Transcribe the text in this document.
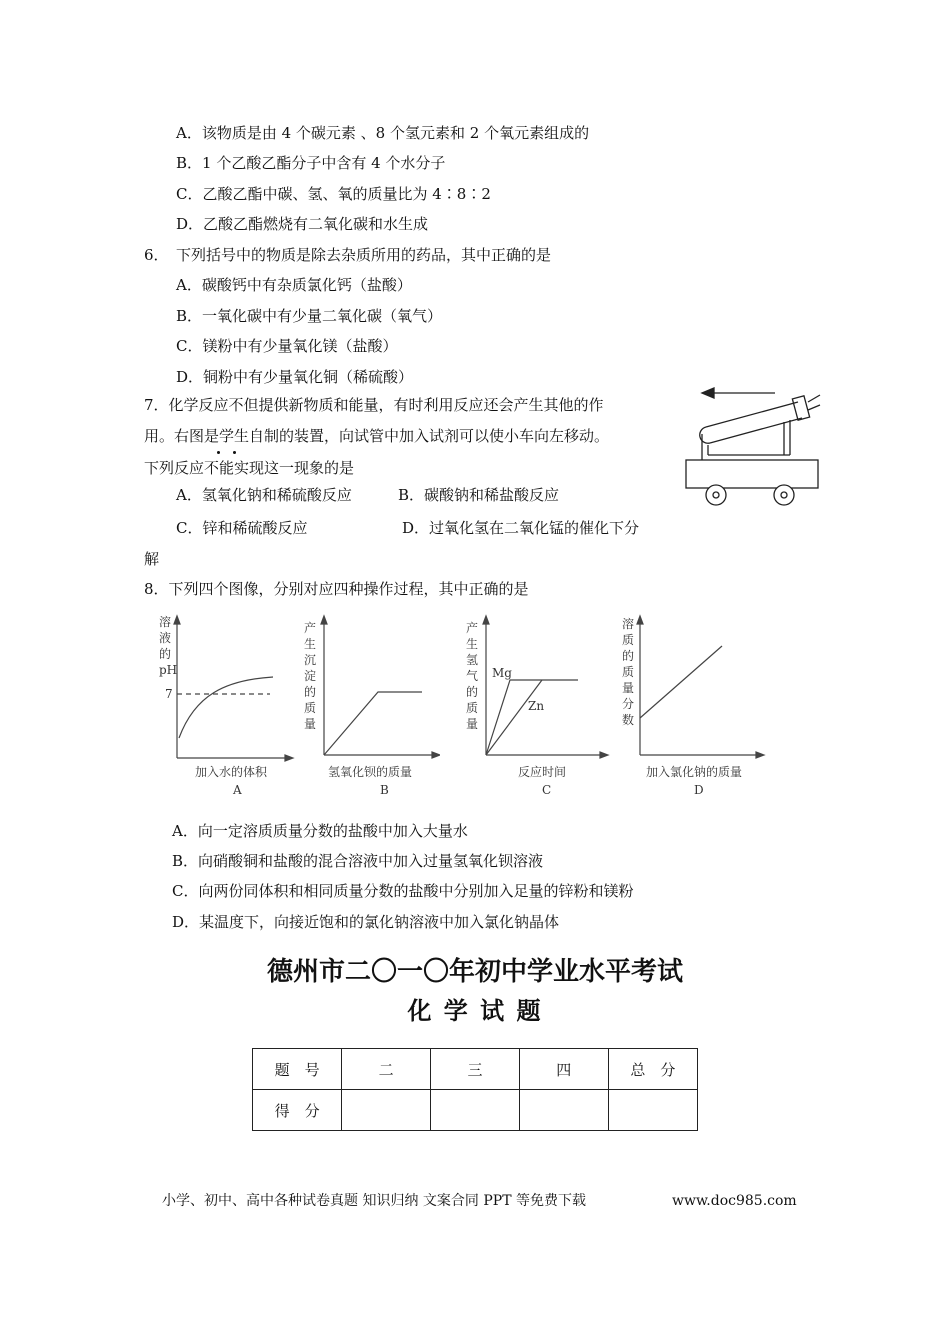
A．该物质是由 4 个碳元素 、8 个氢元素和 2 个氧元素组成的
B．1 个乙酸乙酯分子中含有 4 个水分子
C．乙酸乙酯中碳、氢、氧的质量比为 4∶8∶2
D．乙酸乙酯燃烧有二氧化碳和水生成
6．　下列括号中的物质是除去杂质所用的药品，其中正确的是
A．碳酸钙中有杂质氯化钙（盐酸）
B．一氧化碳中有少量二氧化碳（氧气）
C．镁粉中有少量氧化镁（盐酸）
D．铜粉中有少量氧化铜（稀硫酸）
7．化学反应不但提供新物质和能量，有时利用反应还会产生其他的作
用。右图是学生自制的装置，向试管中加入试剂可以使小车向左移动。
下列反应不能实现这一现象的是
A．氢氧化钠和稀硫酸反应	B．碳酸钠和稀盐酸反应
C．锌和稀硫酸反应	D．过氧化氢在二氧化锰的催化下分
解
8．下列四个图像，分别对应四种操作过程，其中正确的是
溶
液
的
pH
7
加入水的体积
A
产
生
沉
淀
的
质
量
氢氧化钡的质量
B
产
生
氢
气
的
质
量
Mg
Zn
反应时间
C
溶
质
的
质
量
分
数
加入氯化钠的质量
D
A．向一定溶质质量分数的盐酸中加入大量水
B．向硝酸铜和盐酸的混合溶液中加入过量氢氧化钡溶液
C．向两份同体积和相同质量分数的盐酸中分别加入足量的锌粉和镁粉
D．某温度下，向接近饱和的氯化钠溶液中加入氯化钠晶体
德州市二〇一〇年初中学业水平考试
化 学 试 题
题　号	二	三	四	总　分
得　分				
小学、初中、高中各种试卷真题 知识归纳 文案合同 PPT 等免费下载	www.doc985.com
